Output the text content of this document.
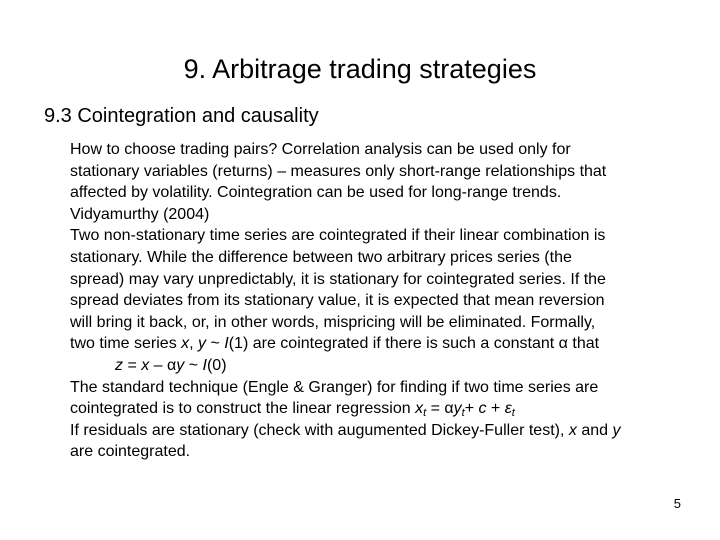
9. Arbitrage trading strategies
9.3 Cointegration and causality
How to choose trading pairs? Correlation analysis can be used only for
stationary variables (returns) – measures only short-range relationships that
affected by volatility. Cointegration can be used for long-range trends.
Vidyamurthy (2004)
Two non-stationary time series are cointegrated if their linear combination is
stationary. While the difference between two arbitrary prices series (the
spread) may vary unpredictably, it is stationary for cointegrated series. If the
spread deviates from its stationary value, it is expected that mean reversion
will bring it back, or, in other words, mispricing will be eliminated. Formally,
two time series x, y ~ I(1) are cointegrated if there is such a constant α that
z = x – αy ~ I(0)
The standard technique (Engle & Granger) for finding if two time series are
cointegrated is to construct the linear regression $x_t = \alpha y_t+ c + \varepsilon_t$
If residuals are stationary (check with augumented Dickey-Fuller test), x and y
are cointegrated.
5
